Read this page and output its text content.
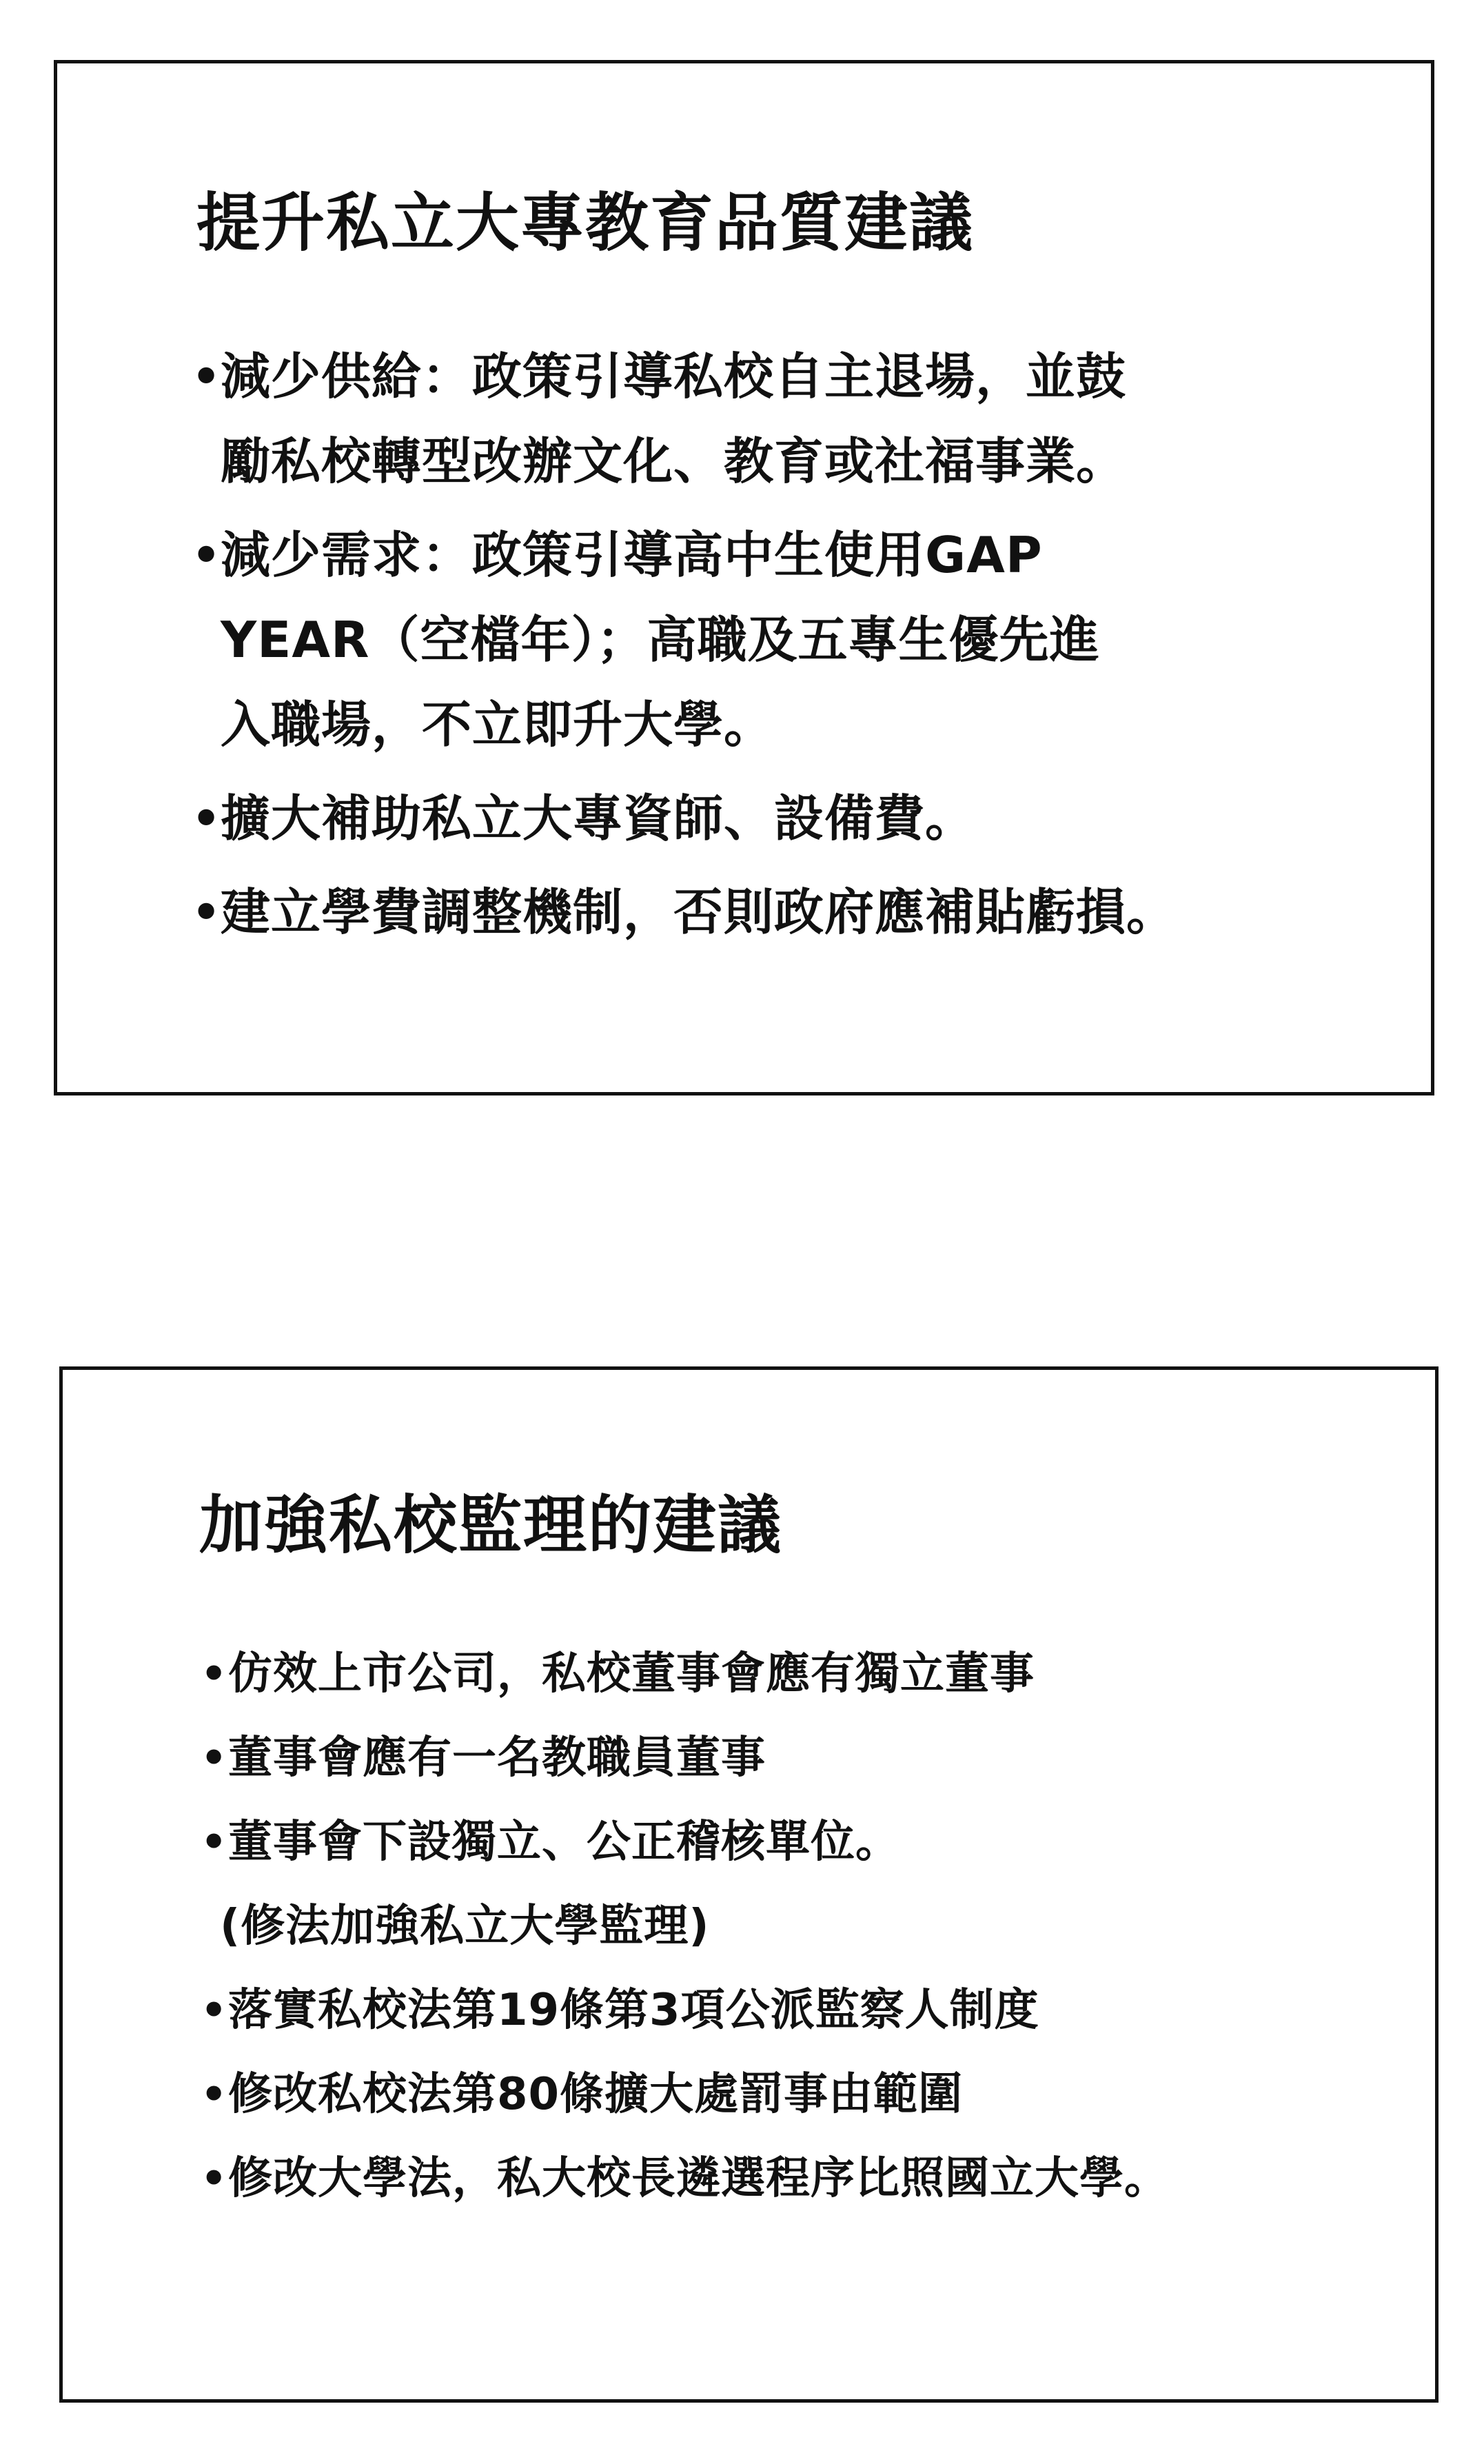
提升私立大專教育品質建議
•
減少供給：政策引導私校自主退場，並鼓
勵私校轉型改辦文化、教育或社福事業。
•
減少需求：政策引導高中生使用GAP
YEAR（空檔年）；高職及五專生優先進
入職場，不立即升大學。
•
擴大補助私立大專資師、設備費。
•
建立學費調整機制，否則政府應補貼虧損。
加強私校監理的建議
• 仿效上市公司，私校董事會應有獨立董事
• 董事會應有一名教職員董事
• 董事會下設獨立、公正稽核單位。
(修法加強私立大學監理)
• 落實私校法第19條第3項公派監察人制度
• 修改私校法第80條擴大處罰事由範圍
• 修改大學法，私大校長遴選程序比照國立大學。
